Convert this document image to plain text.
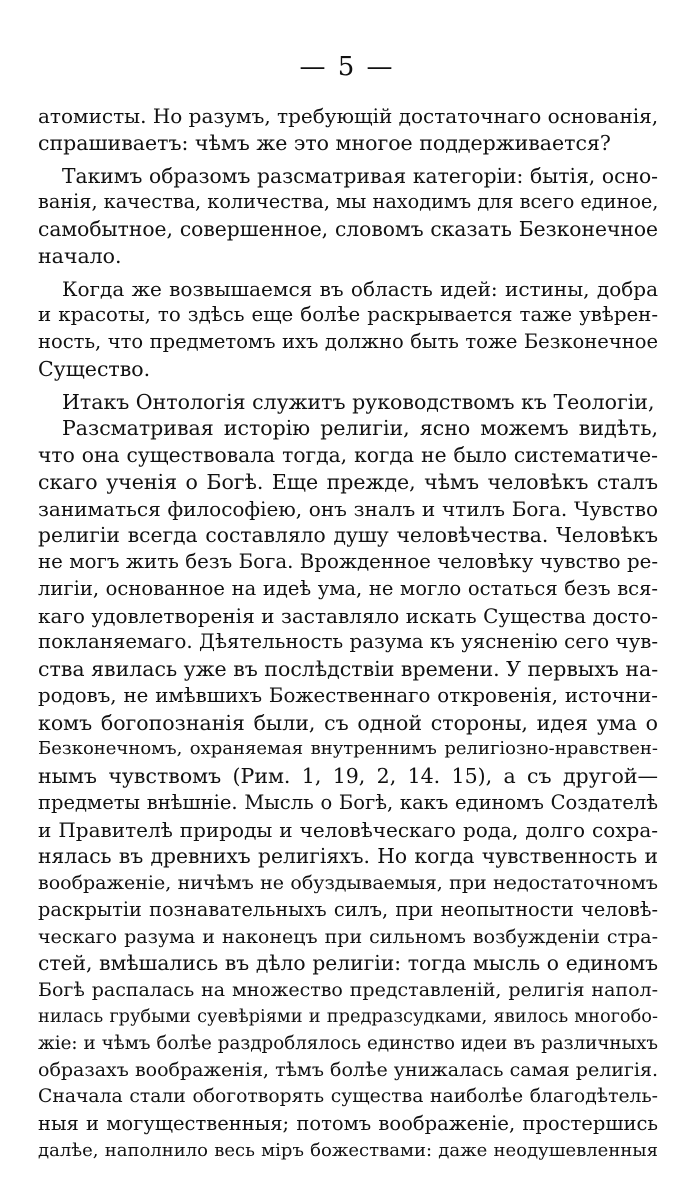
— 5 —
атомисты. Но разумъ, требующій достаточнаго основанія,
спрашиваетъ: чѣмъ же это многое поддерживается?
Такимъ образомъ разсматривая категоріи: бытія, осно-
ванія, качества, количества, мы находимъ для всего единое,
самобытное, совершенное, словомъ сказать Безконечное
начало.
Когда же возвышаемся въ область идей: истины, добра
и красоты, то здѣсь еще болѣе раскрывается таже увѣрен-
ность, что предметомъ ихъ должно быть тоже Безконечное
Существо.
Итакъ Онтологія служитъ руководствомъ къ Теологіи,
Разсматривая исторію религіи, ясно можемъ видѣть,
что она существовала тогда, когда не было систематиче-
скаго ученія о Богѣ. Еще прежде, чѣмъ человѣкъ сталъ
заниматься философіею, онъ зналъ и чтилъ Бога. Чувство
религіи всегда составляло душу человѣчества. Человѣкъ
не могъ жить безъ Бога. Врожденное человѣку чувство ре-
лигіи, основанное на идеѣ ума, не могло остаться безъ вся-
каго удовлетворенія и заставляло искать Существа досто-
покланяемаго. Дѣятельность разума къ уясненію сего чув-
ства явилась уже въ послѣдствіи времени. У первыхъ на-
родовъ, не имѣвшихъ Божественнаго откровенія, источни-
комъ богопознанія были, съ одной стороны, идея ума о
Безконечномъ, охраняемая внутреннимъ религіозно-нравствен-
нымъ чувствомъ (Рим. 1, 19, 2, 14. 15), а съ другой—
предметы внѣшніе. Мысль о Богѣ, какъ единомъ Создателѣ
и Правителѣ природы и человѣческаго рода, долго сохра-
нялась въ древнихъ религіяхъ. Но когда чувственность и
воображеніе, ничѣмъ не обуздываемыя, при недостаточномъ
раскрытіи познавательныхъ силъ, при неопытности человѣ-
ческаго разума и наконецъ при сильномъ возбужденіи стра-
стей, вмѣшались въ дѣло религіи: тогда мысль о единомъ
Богѣ распалась на множество представленій, религія напол-
нилась грубыми суевѣріями и предразсудками, явилось многобо-
жіе: и чѣмъ болѣе раздроблялось единство идеи въ различныхъ
образахъ воображенія, тѣмъ болѣе унижалась самая религія.
Сначала стали обоготворять существа наиболѣе благодѣтель-
ныя и могущественныя; потомъ воображеніе, простершись
далѣе, наполнило весь міръ божествами: даже неодушевленныя
